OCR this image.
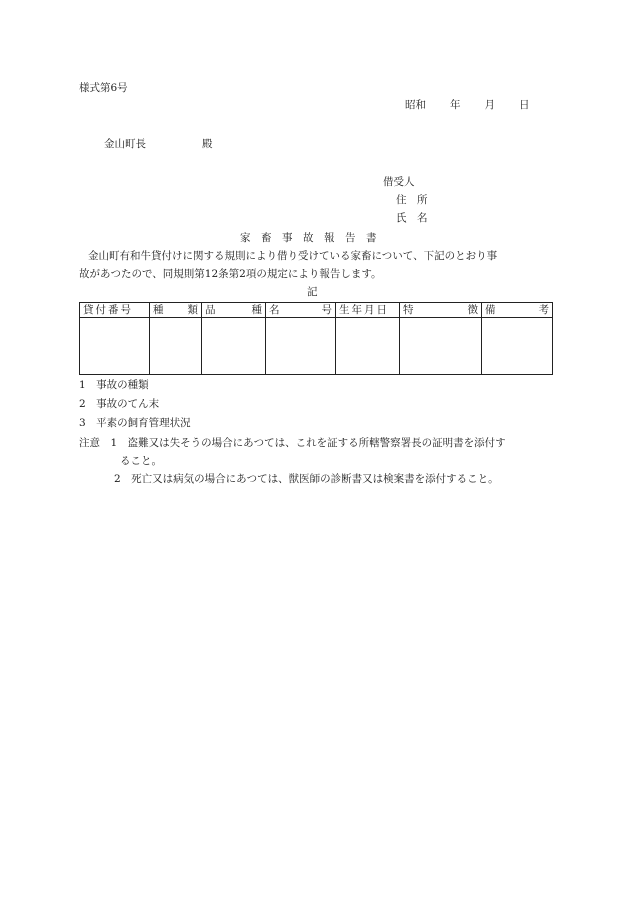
様式第6号
昭和 年 月 日
金山町長	殿
借受人
住　所
氏　名
家　畜　事　故　報　告　書
金山町有和牛貸付けに関する規則により借り受けている家畜について、下記のとおり事
故があつたので、同規則第12条第2項の規定により報告します。
記
貸付番号	種 類	品 種	名 号	生年月日	特 徴	備 考

1　事故の種類
2　事故のてん末
3　平素の飼育管理状況
注意　1　盗難又は失そうの場合にあつては、これを証する所轄警察署長の証明書を添付す
ること。
2　死亡又は病気の場合にあつては、獣医師の診断書又は検案書を添付すること。
